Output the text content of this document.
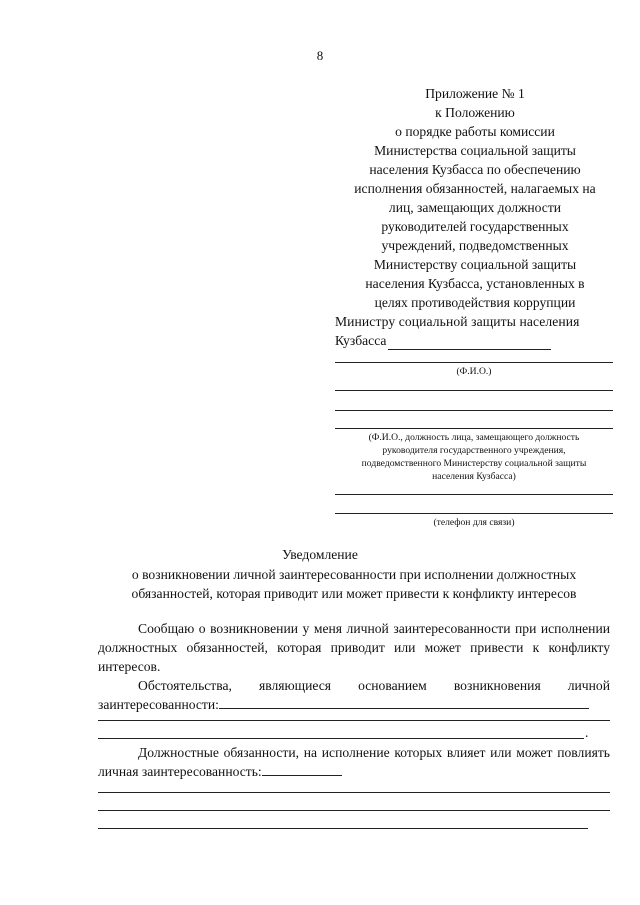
8
Приложение № 1
к Положению
о порядке работы комиссии
Министерства социальной защиты
населения Кузбасса по обеспечению
исполнения обязанностей, налагаемых на
лиц, замещающих должности
руководителей государственных
учреждений, подведомственных
Министерству социальной защиты
населения Кузбасса, установленных в
целях противодействия коррупции
Министру социальной защиты населения
Кузбасса
(Ф.И.О.)
(Ф.И.О., должность лица, замещающего должность
руководителя государственного учреждения,
подведомственного Министерству социальной защиты
населения Кузбасса)
(телефон для связи)
Уведомление
о возникновении личной заинтересованности при исполнении должностных обязанностей, которая приводит или может привести к конфликту интересов
Сообщаю о возникновении у меня личной заинтересованности при исполнении должностных обязанностей, которая приводит или может привести к конфликту интересов.
Обстоятельства, являющиеся основанием возникновения личной заинтересованности:
.
Должностные обязанности, на исполнение которых влияет или может повлиять личная заинтересованность:
